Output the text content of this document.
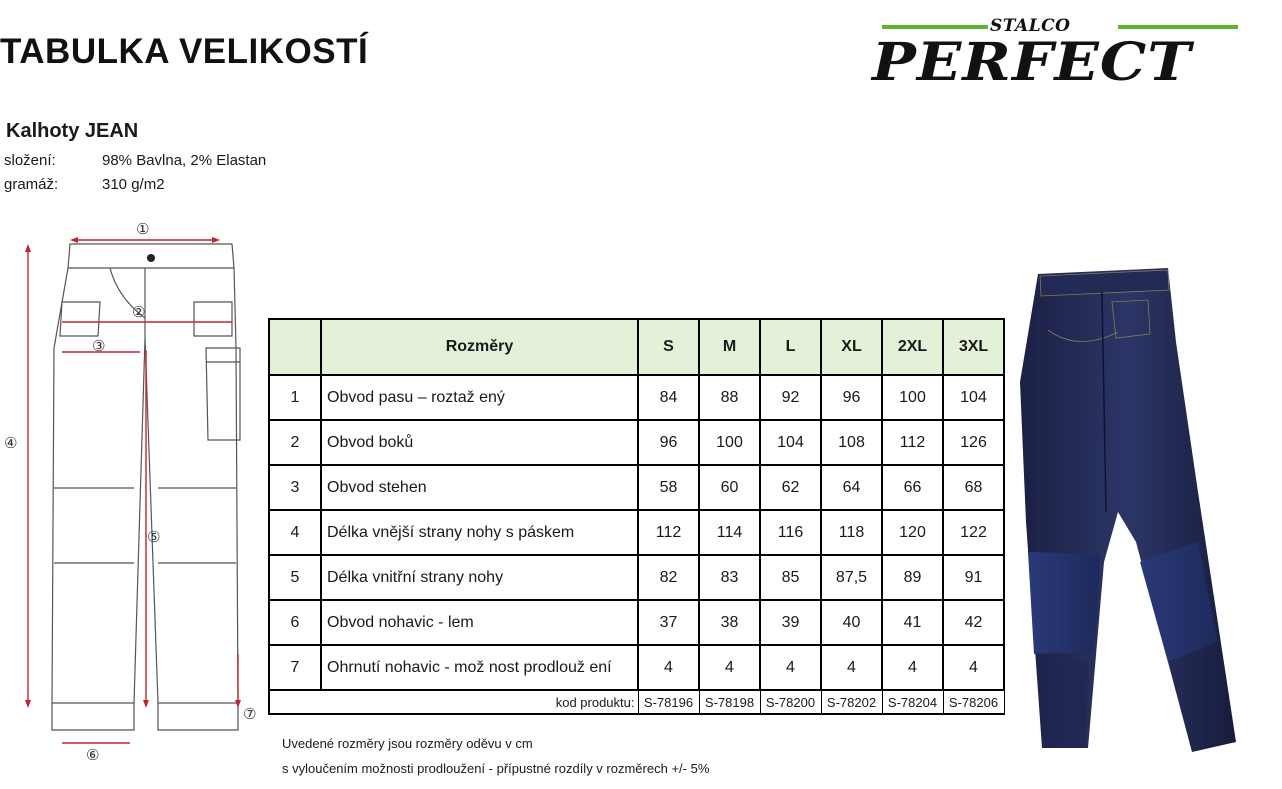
TABULKA VELIKOSTÍ
STALCO
PERFECT
Kalhoty JEAN
složení:	98% Bavlna, 2% Elastan
gramáž:	310 g/m2
①
②
③
④
⑤
⑥
⑦
	Rozměry	S	M	L	XL	2XL	3XL
1	Obvod pasu – roztaž ený	84	88	92	96	100	104
2	Obvod boků	96	100	104	108	112	126
3	Obvod stehen	58	60	62	64	66	68
4	Délka vnější strany nohy s páskem	112	114	116	118	120	122
5	Délka vnitřní strany nohy	82	83	85	87,5	89	91
6	Obvod nohavic - lem	37	38	39	40	41	42
7	Ohrnutí nohavic - mož nost prodlouž ení	4	4	4	4	4	4
kod produktu:		S-78196	S-78198	S-78200	S-78202	S-78204	S-78206
Uvedené rozměry jsou rozměry oděvu v cm
s vyloučením možnosti prodloužení - přípustné rozdíly v rozměrech +/- 5%
